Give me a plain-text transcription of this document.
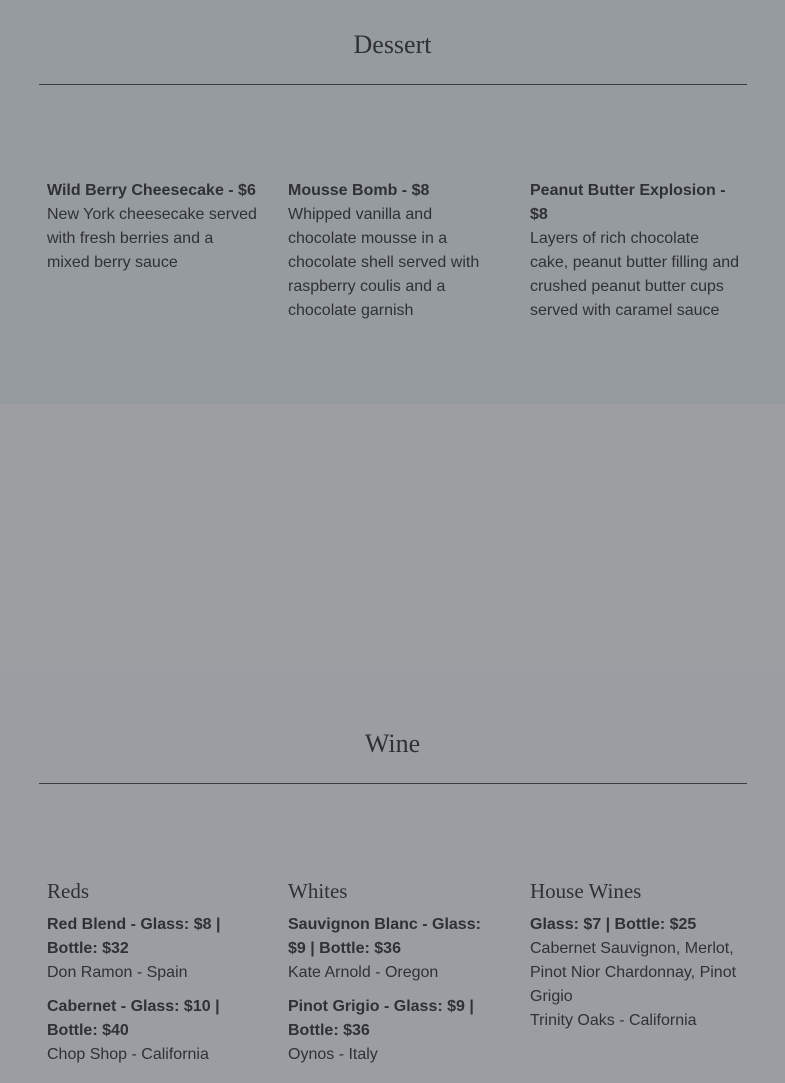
Dessert
Wild Berry Cheesecake - $6
New York cheesecake served with fresh berries and a mixed berry sauce
Mousse Bomb - $8
Whipped vanilla and chocolate mousse in a chocolate shell served with raspberry coulis and a chocolate garnish
Peanut Butter Explosion - $8
Layers of rich chocolate cake, peanut butter filling and crushed peanut butter cups served with caramel sauce
Wine
Reds
Red Blend - Glass: $8 | Bottle: $32
Don Ramon - Spain
Cabernet - Glass: $10 | Bottle: $40
Chop Shop - California
Whites
Sauvignon Blanc - Glass: $9 | Bottle: $36
Kate Arnold - Oregon
Pinot Grigio - Glass: $9 | Bottle: $36
Oynos - Italy
House Wines
Glass: $7 | Bottle: $25
Cabernet Sauvignon, Merlot, Pinot Nior Chardonnay, Pinot Grigio
Trinity Oaks - California
